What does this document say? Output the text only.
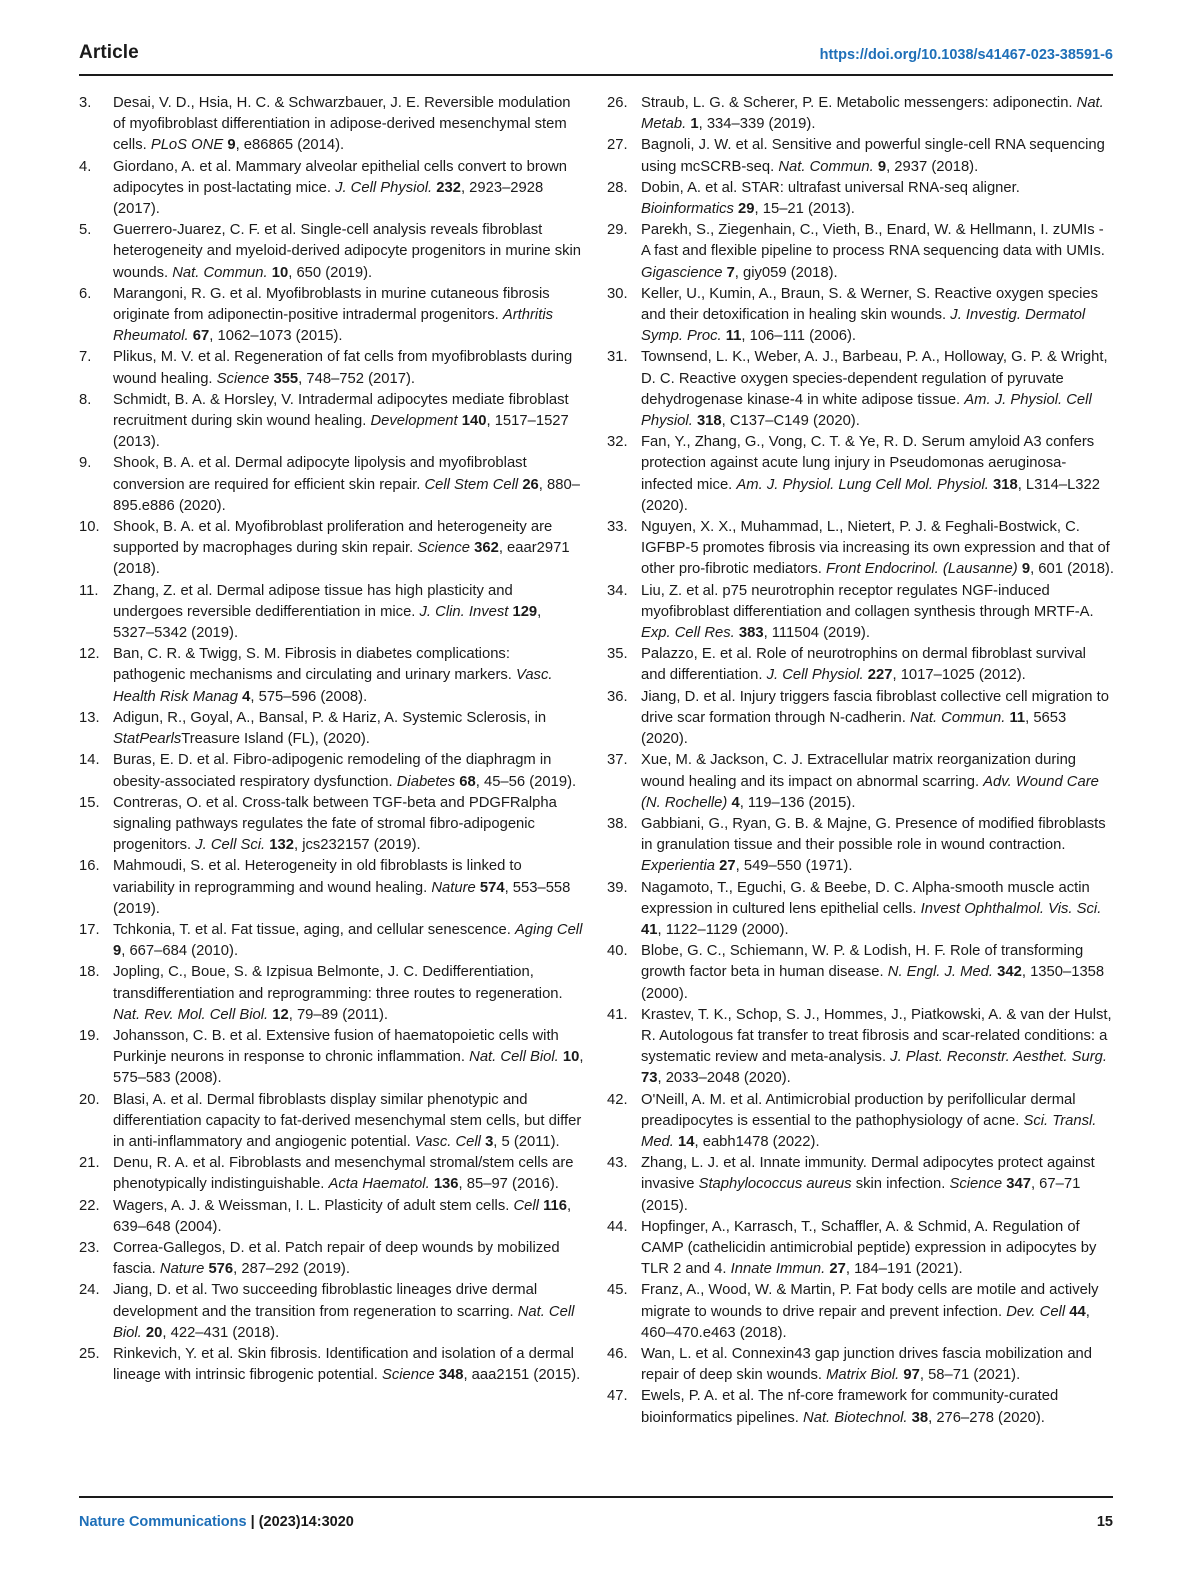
Article	https://doi.org/10.1038/s41467-023-38591-6

3. Desai, V. D., Hsia, H. C. & Schwarzbauer, J. E. Reversible modulation of myofibroblast differentiation in adipose-derived mesenchymal stem cells. PLoS ONE 9, e86865 (2014).

4. Giordano, A. et al. Mammary alveolar epithelial cells convert to brown adipocytes in post-lactating mice. J. Cell Physiol. 232, 2923–2928 (2017).

5. Guerrero-Juarez, C. F. et al. Single-cell analysis reveals fibroblast heterogeneity and myeloid-derived adipocyte progenitors in murine skin wounds. Nat. Commun. 10, 650 (2019).

6. Marangoni, R. G. et al. Myofibroblasts in murine cutaneous fibrosis originate from adiponectin-positive intradermal progenitors. Arthritis Rheumatol. 67, 1062–1073 (2015).

7. Plikus, M. V. et al. Regeneration of fat cells from myofibroblasts during wound healing. Science 355, 748–752 (2017).

8. Schmidt, B. A. & Horsley, V. Intradermal adipocytes mediate fibroblast recruitment during skin wound healing. Development 140, 1517–1527 (2013).

9. Shook, B. A. et al. Dermal adipocyte lipolysis and myofibroblast conversion are required for efficient skin repair. Cell Stem Cell 26, 880–895.e886 (2020).

10. Shook, B. A. et al. Myofibroblast proliferation and heterogeneity are supported by macrophages during skin repair. Science 362, eaar2971 (2018).

11. Zhang, Z. et al. Dermal adipose tissue has high plasticity and undergoes reversible dedifferentiation in mice. J. Clin. Invest 129, 5327–5342 (2019).

12. Ban, C. R. & Twigg, S. M. Fibrosis in diabetes complications: pathogenic mechanisms and circulating and urinary markers. Vasc. Health Risk Manag 4, 575–596 (2008).

13. Adigun, R., Goyal, A., Bansal, P. & Hariz, A. Systemic Sclerosis, in StatPearlsTreasure Island (FL), (2020).

14. Buras, E. D. et al. Fibro-adipogenic remodeling of the diaphragm in obesity-associated respiratory dysfunction. Diabetes 68, 45–56 (2019).

15. Contreras, O. et al. Cross-talk between TGF-beta and PDGFRalpha signaling pathways regulates the fate of stromal fibro-adipogenic progenitors. J. Cell Sci. 132, jcs232157 (2019).

16. Mahmoudi, S. et al. Heterogeneity in old fibroblasts is linked to variability in reprogramming and wound healing. Nature 574, 553–558 (2019).

17. Tchkonia, T. et al. Fat tissue, aging, and cellular senescence. Aging Cell 9, 667–684 (2010).

18. Jopling, C., Boue, S. & Izpisua Belmonte, J. C. Dedifferentiation, transdifferentiation and reprogramming: three routes to regeneration. Nat. Rev. Mol. Cell Biol. 12, 79–89 (2011).

19. Johansson, C. B. et al. Extensive fusion of haematopoietic cells with Purkinje neurons in response to chronic inflammation. Nat. Cell Biol. 10, 575–583 (2008).

20. Blasi, A. et al. Dermal fibroblasts display similar phenotypic and differentiation capacity to fat-derived mesenchymal stem cells, but differ in anti-inflammatory and angiogenic potential. Vasc. Cell 3, 5 (2011).

21. Denu, R. A. et al. Fibroblasts and mesenchymal stromal/stem cells are phenotypically indistinguishable. Acta Haematol. 136, 85–97 (2016).

22. Wagers, A. J. & Weissman, I. L. Plasticity of adult stem cells. Cell 116, 639–648 (2004).

23. Correa-Gallegos, D. et al. Patch repair of deep wounds by mobilized fascia. Nature 576, 287–292 (2019).

24. Jiang, D. et al. Two succeeding fibroblastic lineages drive dermal development and the transition from regeneration to scarring. Nat. Cell Biol. 20, 422–431 (2018).

25. Rinkevich, Y. et al. Skin fibrosis. Identification and isolation of a dermal lineage with intrinsic fibrogenic potential. Science 348, aaa2151 (2015).

26. Straub, L. G. & Scherer, P. E. Metabolic messengers: adiponectin. Nat. Metab. 1, 334–339 (2019).

27. Bagnoli, J. W. et al. Sensitive and powerful single-cell RNA sequencing using mcSCRB-seq. Nat. Commun. 9, 2937 (2018).

28. Dobin, A. et al. STAR: ultrafast universal RNA-seq aligner. Bioinformatics 29, 15–21 (2013).

29. Parekh, S., Ziegenhain, C., Vieth, B., Enard, W. & Hellmann, I. zUMIs - A fast and flexible pipeline to process RNA sequencing data with UMIs. Gigascience 7, giy059 (2018).

30. Keller, U., Kumin, A., Braun, S. & Werner, S. Reactive oxygen species and their detoxification in healing skin wounds. J. Investig. Dermatol Symp. Proc. 11, 106–111 (2006).

31. Townsend, L. K., Weber, A. J., Barbeau, P. A., Holloway, G. P. & Wright, D. C. Reactive oxygen species-dependent regulation of pyruvate dehydrogenase kinase-4 in white adipose tissue. Am. J. Physiol. Cell Physiol. 318, C137–C149 (2020).

32. Fan, Y., Zhang, G., Vong, C. T. & Ye, R. D. Serum amyloid A3 confers protection against acute lung injury in Pseudomonas aeruginosa-infected mice. Am. J. Physiol. Lung Cell Mol. Physiol. 318, L314–L322 (2020).

33. Nguyen, X. X., Muhammad, L., Nietert, P. J. & Feghali-Bostwick, C. IGFBP-5 promotes fibrosis via increasing its own expression and that of other pro-fibrotic mediators. Front Endocrinol. (Lausanne) 9, 601 (2018).

34. Liu, Z. et al. p75 neurotrophin receptor regulates NGF-induced myofibroblast differentiation and collagen synthesis through MRTF-A. Exp. Cell Res. 383, 111504 (2019).

35. Palazzo, E. et al. Role of neurotrophins on dermal fibroblast survival and differentiation. J. Cell Physiol. 227, 1017–1025 (2012).

36. Jiang, D. et al. Injury triggers fascia fibroblast collective cell migration to drive scar formation through N-cadherin. Nat. Commun. 11, 5653 (2020).

37. Xue, M. & Jackson, C. J. Extracellular matrix reorganization during wound healing and its impact on abnormal scarring. Adv. Wound Care (N. Rochelle) 4, 119–136 (2015).

38. Gabbiani, G., Ryan, G. B. & Majne, G. Presence of modified fibroblasts in granulation tissue and their possible role in wound contraction. Experientia 27, 549–550 (1971).

39. Nagamoto, T., Eguchi, G. & Beebe, D. C. Alpha-smooth muscle actin expression in cultured lens epithelial cells. Invest Ophthalmol. Vis. Sci. 41, 1122–1129 (2000).

40. Blobe, G. C., Schiemann, W. P. & Lodish, H. F. Role of transforming growth factor beta in human disease. N. Engl. J. Med. 342, 1350–1358 (2000).

41. Krastev, T. K., Schop, S. J., Hommes, J., Piatkowski, A. & van der Hulst, R. Autologous fat transfer to treat fibrosis and scar-related conditions: a systematic review and meta-analysis. J. Plast. Reconstr. Aesthet. Surg. 73, 2033–2048 (2020).

42. O'Neill, A. M. et al. Antimicrobial production by perifollicular dermal preadipocytes is essential to the pathophysiology of acne. Sci. Transl. Med. 14, eabh1478 (2022).

43. Zhang, L. J. et al. Innate immunity. Dermal adipocytes protect against invasive Staphylococcus aureus skin infection. Science 347, 67–71 (2015).

44. Hopfinger, A., Karrasch, T., Schaffler, A. & Schmid, A. Regulation of CAMP (cathelicidin antimicrobial peptide) expression in adipocytes by TLR 2 and 4. Innate Immun. 27, 184–191 (2021).

45. Franz, A., Wood, W. & Martin, P. Fat body cells are motile and actively migrate to wounds to drive repair and prevent infection. Dev. Cell 44, 460–470.e463 (2018).

46. Wan, L. et al. Connexin43 gap junction drives fascia mobilization and repair of deep skin wounds. Matrix Biol. 97, 58–71 (2021).

47. Ewels, P. A. et al. The nf-core framework for community-curated bioinformatics pipelines. Nat. Biotechnol. 38, 276–278 (2020).

Nature Communications | (2023)14:3020	15
